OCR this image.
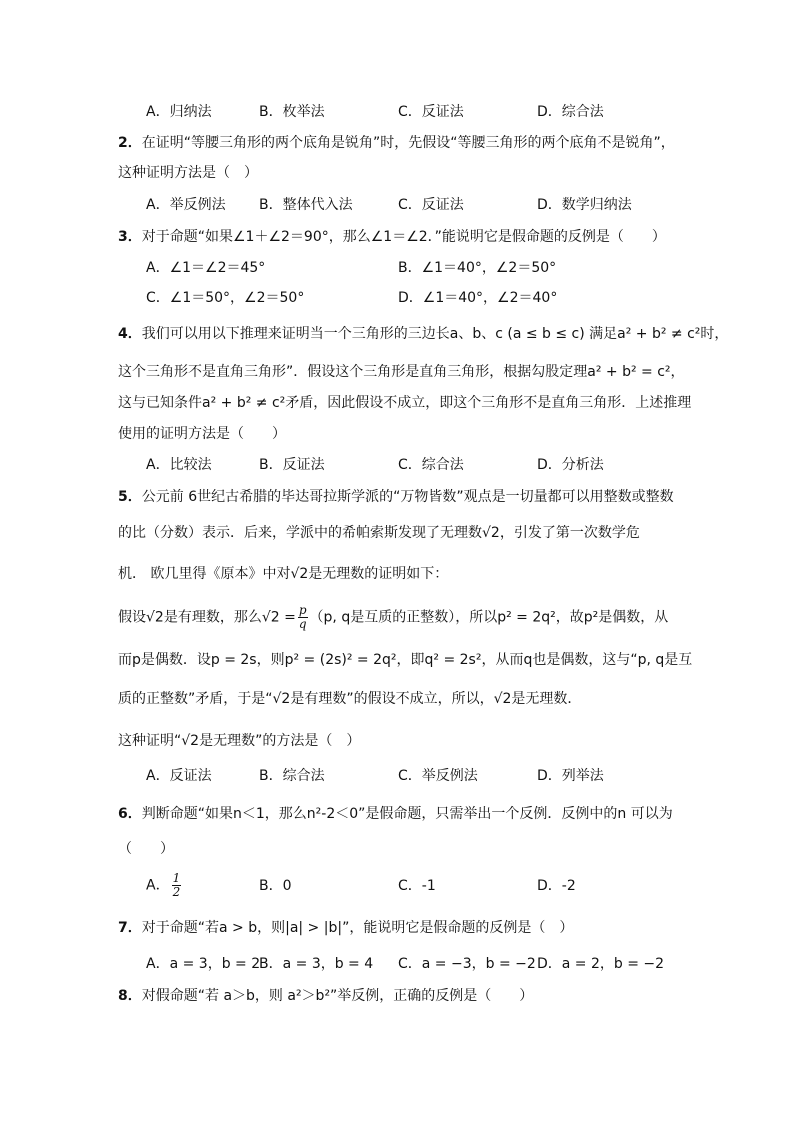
A．归纳法	B．枚举法	C．反证法	D．综合法
2．在证明“等腰三角形的两个底角是锐角”时，先假设“等腰三角形的两个底角不是锐角”，
这种证明方法是（　）
A．举反例法 B．整体代入法	C．反证法	D．数学归纳法
3．对于命题“如果∠1＋∠2＝90°，那么∠1＝∠2．”能说明它是假命题的反例是（　　）
A．∠1＝∠2＝45°	B．∠1＝40°，∠2＝50°
C．∠1＝50°，∠2＝50°	D．∠1＝40°，∠2＝40°
4．我们可以用以下推理来证明当一个三角形的三边长a、b、c (a ≤ b ≤ c) 满足a² + b² ≠ c²时，
这个三角形不是直角三角形”．假设这个三角形是直角三角形，根据勾股定理a² + b² = c²，
这与已知条件a² + b² ≠ c²矛盾，因此假设不成立，即这个三角形不是直角三角形．上述推理
使用的证明方法是（　　）
A．比较法	B．反证法	C．综合法	D．分析法
5．公元前 6世纪古希腊的毕达哥拉斯学派的“万物皆数”观点是一切量都可以用整数或整数
的比（分数）表示．后来，学派中的希帕索斯发现了无理数√2，引发了第一次数学危
机． 欧几里得《原本》中对√2是无理数的证明如下：
假设√2是有理数，那么$√2 = \frac{p}{q} (p$, q是互质的正整数），所以p² = 2q²，故p²是偶数，从
而p是偶数．设p = 2s，则p² = (2s)² = 2q²，即q² = 2s²，从而q也是偶数，这与“p, q是互
质的正整数”矛盾，于是“√2是有理数”的假设不成立，所以，√2是无理数．
这种证明“√2是无理数”的方法是（　）
A．反证法	B．综合法	C．举反例法	D．列举法
6．判断命题“如果n＜1，那么n²-2＜0”是假命题，只需举出一个反例．反例中的n 可以为
（　　）
A． $\frac{1}{2}$	B．0	C．-1	D．-2
7．对于命题“若a > b，则|a| > |b|”，能说明它是假命题的反例是（　）
A．a = 3，b = 2
B．a = 3，b = 4 C．a = −3，b = −2 D．a = 2，b = −2
8．对假命题“若 a＞b，则 a²＞b²”举反例，正确的反例是（　　）
